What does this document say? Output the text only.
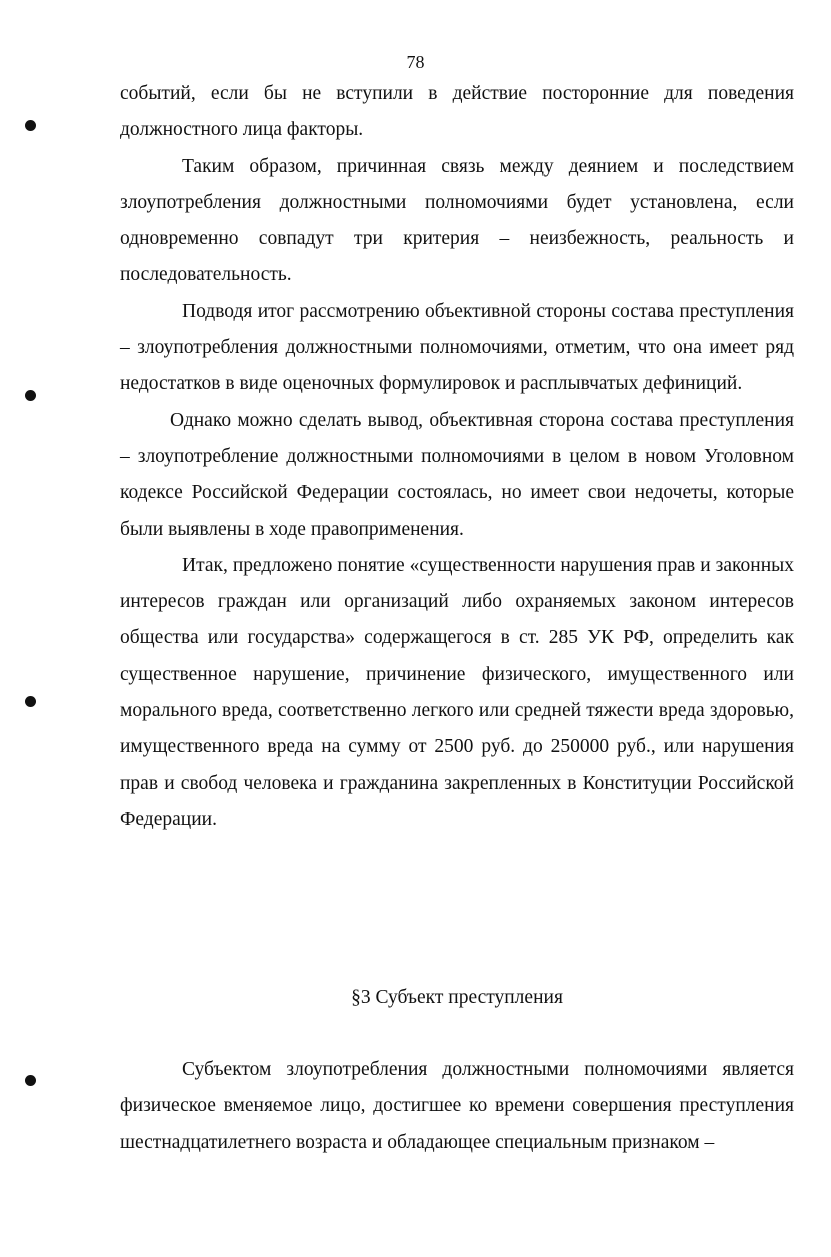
78

событий, если бы не вступили в действие посторонние для поведения должностного лица факторы.

Таким образом, причинная связь между деянием и последствием злоупотребления должностными полномочиями будет установлена, если одновременно совпадут три критерия – неизбежность, реальность и последовательность.

Подводя итог рассмотрению объективной стороны состава преступления – злоупотребления должностными полномочиями, отметим, что она имеет ряд недостатков в виде оценочных формулировок и расплывчатых дефиниций.

Однако можно сделать вывод, объективная сторона состава преступления – злоупотребление должностными полномочиями в целом в новом Уголовном кодексе Российской Федерации состоялась, но имеет свои недочеты, которые были выявлены в ходе правоприменения.

Итак, предложено понятие «существенности нарушения прав и законных интересов граждан или организаций либо охраняемых законом интересов общества или государства» содержащегося в ст. 285 УК РФ, определить как существенное нарушение, причинение физического, имущественного или морального вреда, соответственно легкого или средней тяжести вреда здоровью, имущественного вреда на сумму от 2500 руб. до 250000 руб., или нарушения прав и свобод человека и гражданина закрепленных в Конституции Российской Федерации.

§3 Субъект преступления

Субъектом злоупотребления должностными полномочиями является физическое вменяемое лицо, достигшее ко времени совершения преступления шестнадцатилетнего возраста и обладающее специальным признаком –
